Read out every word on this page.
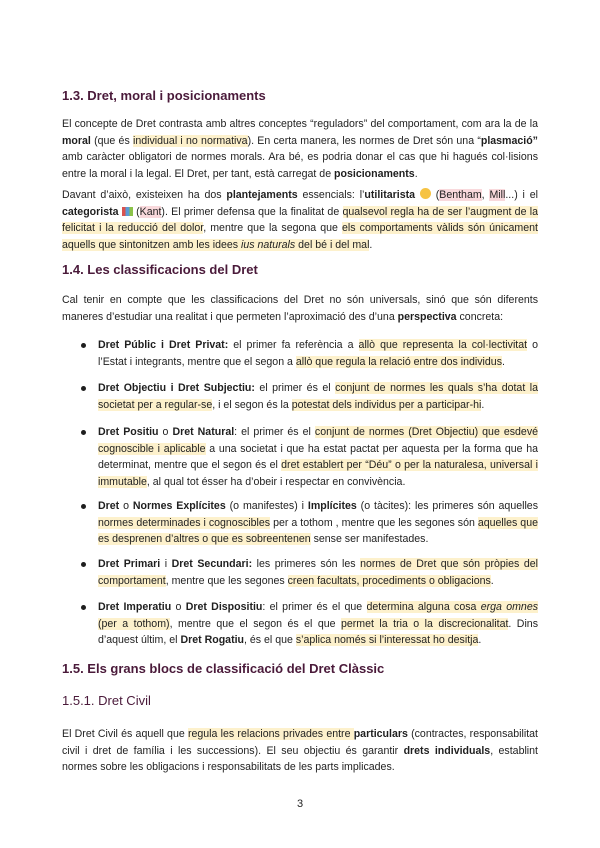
1.3. Dret, moral i posicionaments

El concepte de Dret contrasta amb altres conceptes “reguladors” del comportament, com ara la de la moral (que és individual i no normativa). En certa manera, les normes de Dret són una “plasmació” amb caràcter obligatori de normes morals. Ara bé, es podria donar el cas que hi hagués col·lisions entre la moral i la legal. El Dret, per tant, està carregat de posicionaments.

Davant d’això, existeixen ha dos plantejaments essencials: l’utilitarista  (Bentham, Mill...) i el categorista  (Kant). El primer defensa que la finalitat de qualsevol regla ha de ser l’augment de la felicitat i la reducció del dolor, mentre que la segona que els comportaments vàlids són únicament aquells que sintonitzen amb les idees ius naturals del bé i del mal.

1.4. Les classificacions del Dret

Cal tenir en compte que les classificacions del Dret no són universals, sinó que són diferents maneres d’estudiar una realitat i que permeten l’aproximació des d’una perspectiva concreta:

Dret Públic i Dret Privat: el primer fa referència a allò que representa la col·lectivitat o l’Estat i integrants, mentre que el segon a allò que regula la relació entre dos individus.
Dret Objectiu i Dret Subjectiu: el primer és el conjunt de normes les quals s’ha dotat la societat per a regular-se, i el segon és la potestat dels individus per a participar-hi.
Dret Positiu o Dret Natural: el primer és el conjunt de normes (Dret Objectiu) que esdevé cognoscible i aplicable a una societat i que ha estat pactat per aquesta per la forma que ha determinat, mentre que el segon és el dret establert per “Déu” o per la naturalesa, universal i immutable, al qual tot ésser ha d’obeir i respectar en convivència.
Dret o Normes Explícites (o manifestes) i Implícites (o tàcites): les primeres són aquelles normes determinades i cognoscibles per a tothom , mentre que les segones són aquelles que es desprenen d’altres o que es sobreentenen sense ser manifestades.
Dret Primari i Dret Secundari: les primeres són les normes de Dret que són pròpies del comportament, mentre que les segones creen facultats, procediments o obligacions.
Dret Imperatiu o Dret Dispositiu: el primer és el que determina alguna cosa erga omnes (per a tothom), mentre que el segon és el que permet la tria o la discrecionalitat. Dins d’aquest últim, el Dret Rogatiu, és el que s’aplica només si l’interessat ho desitja.
1.5. Els grans blocs de classificació del Dret Clàssic
1.5.1. Dret Civil

El Dret Civil és aquell que regula les relacions privades entre particulars (contractes, responsabilitat civil i dret de família i les successions). El seu objectiu és garantir drets individuals, establint normes sobre les obligacions i responsabilitats de les parts implicades.

3
